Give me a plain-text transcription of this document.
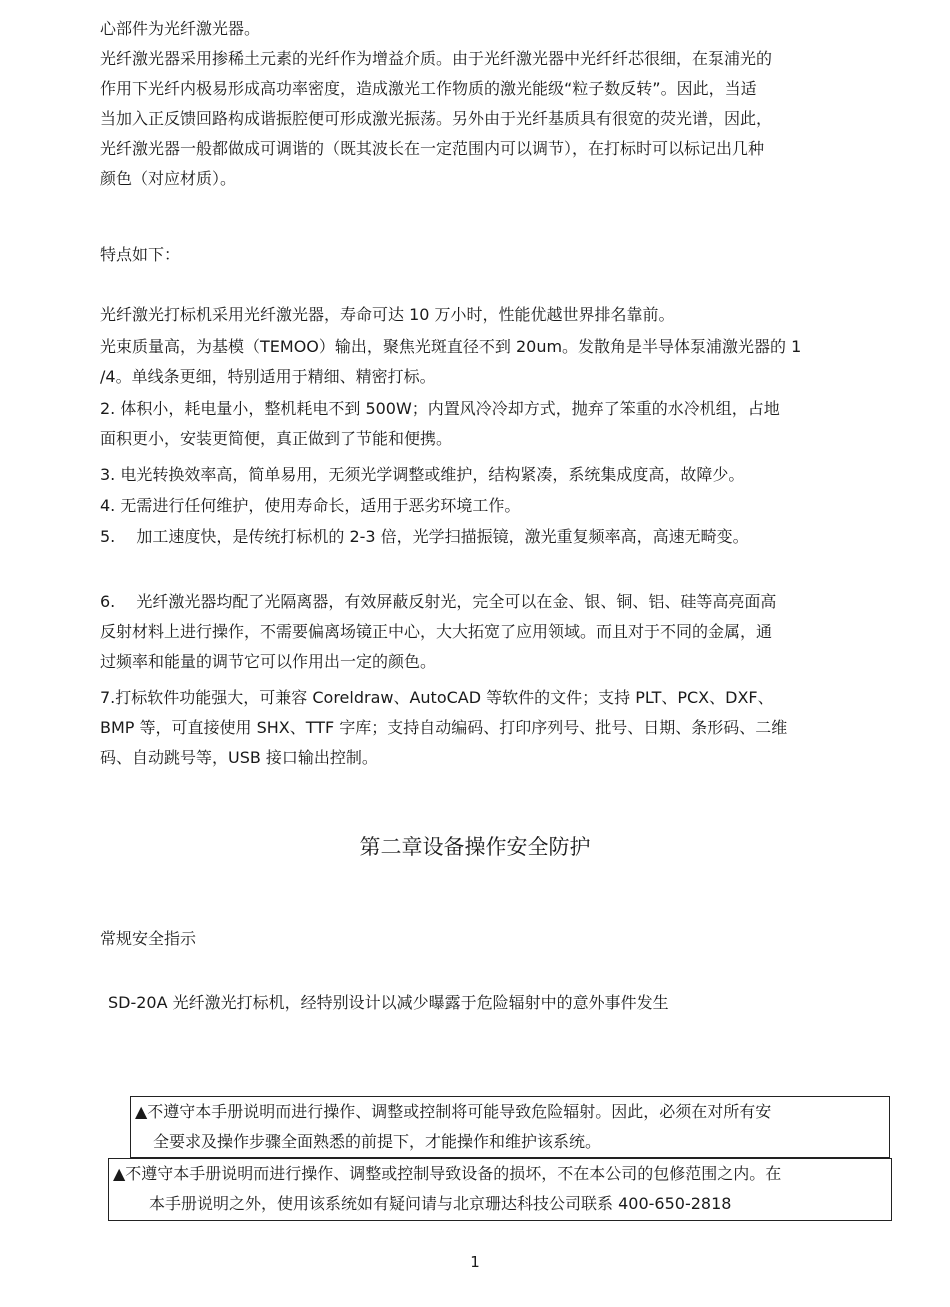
心部件为光纤激光器。
光纤激光器采用掺稀土元素的光纤作为增益介质。由于光纤激光器中光纤纤芯很细，在泵浦光的
作用下光纤内极易形成高功率密度，造成激光工作物质的激光能级“粒子数反转”。因此，当适
当加入正反馈回路构成谐振腔便可形成激光振荡。另外由于光纤基质具有很宽的荧光谱，因此，
光纤激光器一般都做成可调谐的（既其波长在一定范围内可以调节），在打标时可以标记出几种
颜色（对应材质）。

特点如下：

光纤激光打标机采用光纤激光器，寿命可达 10 万小时，性能优越世界排名靠前。
光束质量高，为基模（TEMOO）输出，聚焦光斑直径不到 20um。发散角是半导体泵浦激光器的 1
/4。单线条更细，特别适用于精细、精密打标。
2. 体积小，耗电量小，整机耗电不到 500W；内置风冷冷却方式，抛弃了笨重的水冷机组，占地
面积更小，安装更简便，真正做到了节能和便携。
3. 电光转换效率高，简单易用，无须光学调整或维护，结构紧凑，系统集成度高，故障少。
4. 无需进行任何维护，使用寿命长，适用于恶劣环境工作。
5.　 加工速度快，是传统打标机的 2-3 倍，光学扫描振镜，激光重复频率高，高速无畸变。
6.　 光纤激光器均配了光隔离器，有效屏蔽反射光，完全可以在金、银、铜、铝、硅等高亮面高
反射材料上进行操作，不需要偏离场镜正中心，大大拓宽了应用领域。而且对于不同的金属，通
过频率和能量的调节它可以作用出一定的颜色。
7.打标软件功能强大，可兼容 Coreldraw、AutoCAD 等软件的文件；支持 PLT、PCX、DXF、
BMP 等，可直接使用 SHX、TTF 字库；支持自动编码、打印序列号、批号、日期、条形码、二维
码、自动跳号等，USB 接口输出控制。
第二章设备操作安全防护
常规安全指示

SD-20A 光纤激光打标机，经特别设计以减少曝露于危险辐射中的意外事件发生

▲不遵守本手册说明而进行操作、调整或控制将可能导致危险辐射。因此，必须在对所有安
全要求及操作步骤全面熟悉的前提下，才能操作和维护该系统。
▲不遵守本手册说明而进行操作、调整或控制导致设备的损坏，不在本公司的包修范围之内。在
本手册说明之外，使用该系统如有疑问请与北京珊达科技公司联系 400-650-2818

1
